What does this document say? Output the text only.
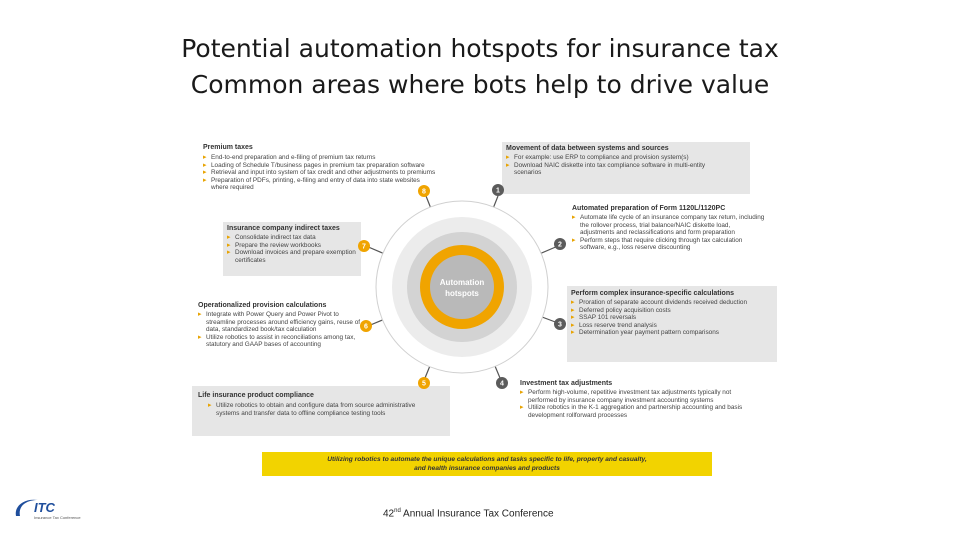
Potential automation hotspots for insurance tax
Common areas where bots help to drive value
Premium taxes
▸ End-to-end preparation and e-filing of premium tax returns
▸ Loading of Schedule T/business pages in premium tax preparation software
▸ Retrieval and input into system of tax credit and other adjustments to premiums
▸ Preparation of PDFs, printing, e-filing and entry of data into state websites where required
Movement of data between systems and sources
▸ For example: use ERP to compliance and provision system(s)
▸ Download NAIC diskette into tax compliance software in multi-entity scenarios
Insurance company indirect taxes
▸ Consolidate indirect tax data
▸ Prepare the review workbooks
▸ Download invoices and prepare exemption certificates
Automated preparation of Form 1120L/1120PC
▸ Automate life cycle of an insurance company tax return, including the rollover process, trial balance/NAIC diskette load, adjustments and reclassifications and form preparation
▸ Perform steps that require clicking through tax calculation software, e.g., loss reserve discounting
Operationalized provision calculations
▸ Integrate with Power Query and Power Pivot to streamline processes around efficiency gains, reuse of data, standardized book/tax calculation
▸ Utilize robotics to assist in reconciliations among tax, statutory and GAAP bases of accounting
Perform complex insurance-specific calculations
▸ Proration of separate account dividends received deduction
▸ Deferred policy acquisition costs
▸ SSAP 101 reversals
▸ Loss reserve trend analysis
▸ Determination year payment pattern comparisons
Life insurance product compliance
▸ Utilize robotics to obtain and configure data from source administrative systems and transfer data to offline compliance testing tools
Investment tax adjustments
▸ Perform high-volume, repetitive investment tax adjustments typically not performed by insurance company investment accounting systems
▸ Utilize robotics in the K-1 aggregation and partnership accounting and basis development rollforward processes
Automation
hotspots
1
2
3
4
5
6
7
8
Utilizing robotics to automate the unique calculations and tasks specific to life, property and casualty,
and health insurance companies and products
ITC
Insurance Tax Conference	42nd Annual Insurance Tax Conference
